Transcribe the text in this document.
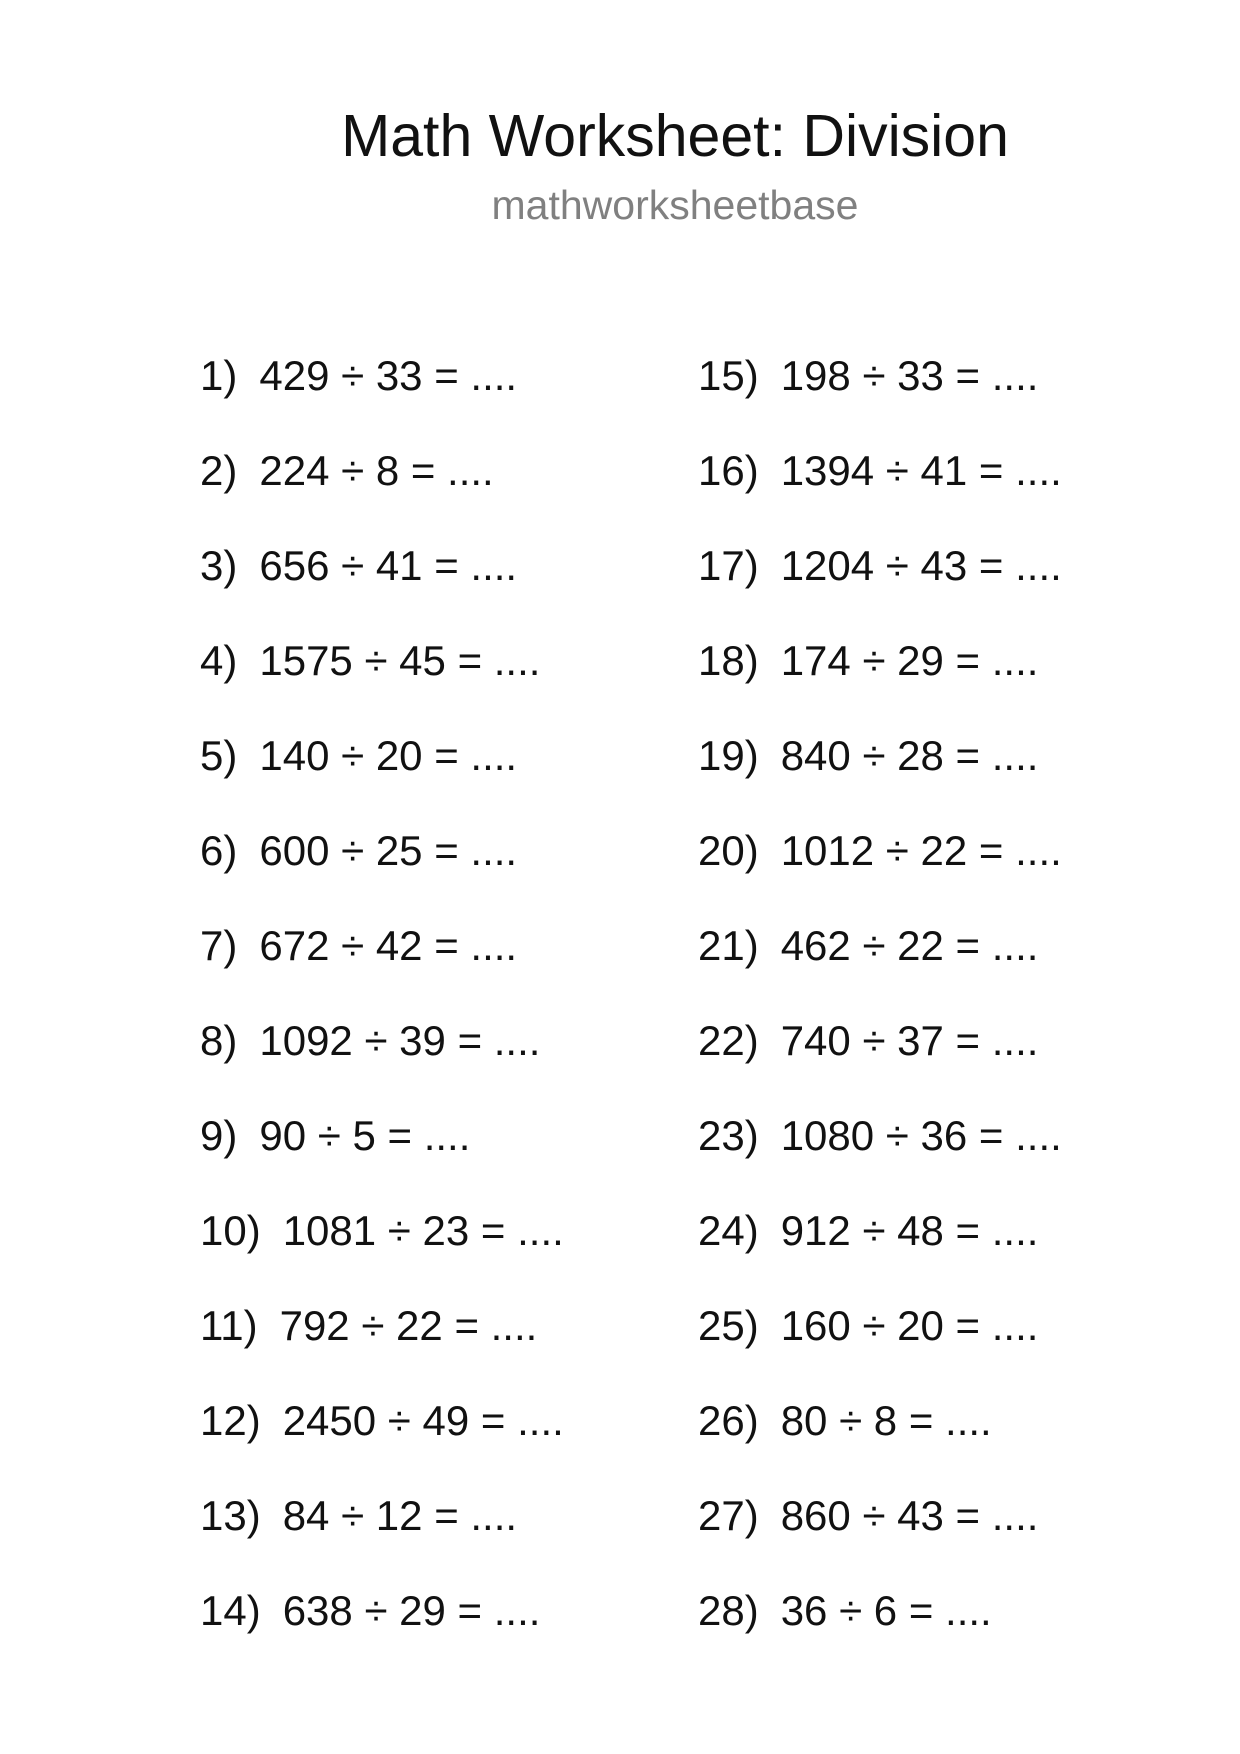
Math Worksheet: Division
mathworksheetbase
1) 429 ÷ 33 = ....
2) 224 ÷ 8 = ....
3) 656 ÷ 41 = ....
4) 1575 ÷ 45 = ....
5) 140 ÷ 20 = ....
6) 600 ÷ 25 = ....
7) 672 ÷ 42 = ....
8) 1092 ÷ 39 = ....
9) 90 ÷ 5 = ....
10) 1081 ÷ 23 = ....
11) 792 ÷ 22 = ....
12) 2450 ÷ 49 = ....
13) 84 ÷ 12 = ....
14) 638 ÷ 29 = ....
15) 198 ÷ 33 = ....
16) 1394 ÷ 41 = ....
17) 1204 ÷ 43 = ....
18) 174 ÷ 29 = ....
19) 840 ÷ 28 = ....
20) 1012 ÷ 22 = ....
21) 462 ÷ 22 = ....
22) 740 ÷ 37 = ....
23) 1080 ÷ 36 = ....
24) 912 ÷ 48 = ....
25) 160 ÷ 20 = ....
26) 80 ÷ 8 = ....
27) 860 ÷ 43 = ....
28) 36 ÷ 6 = ....
